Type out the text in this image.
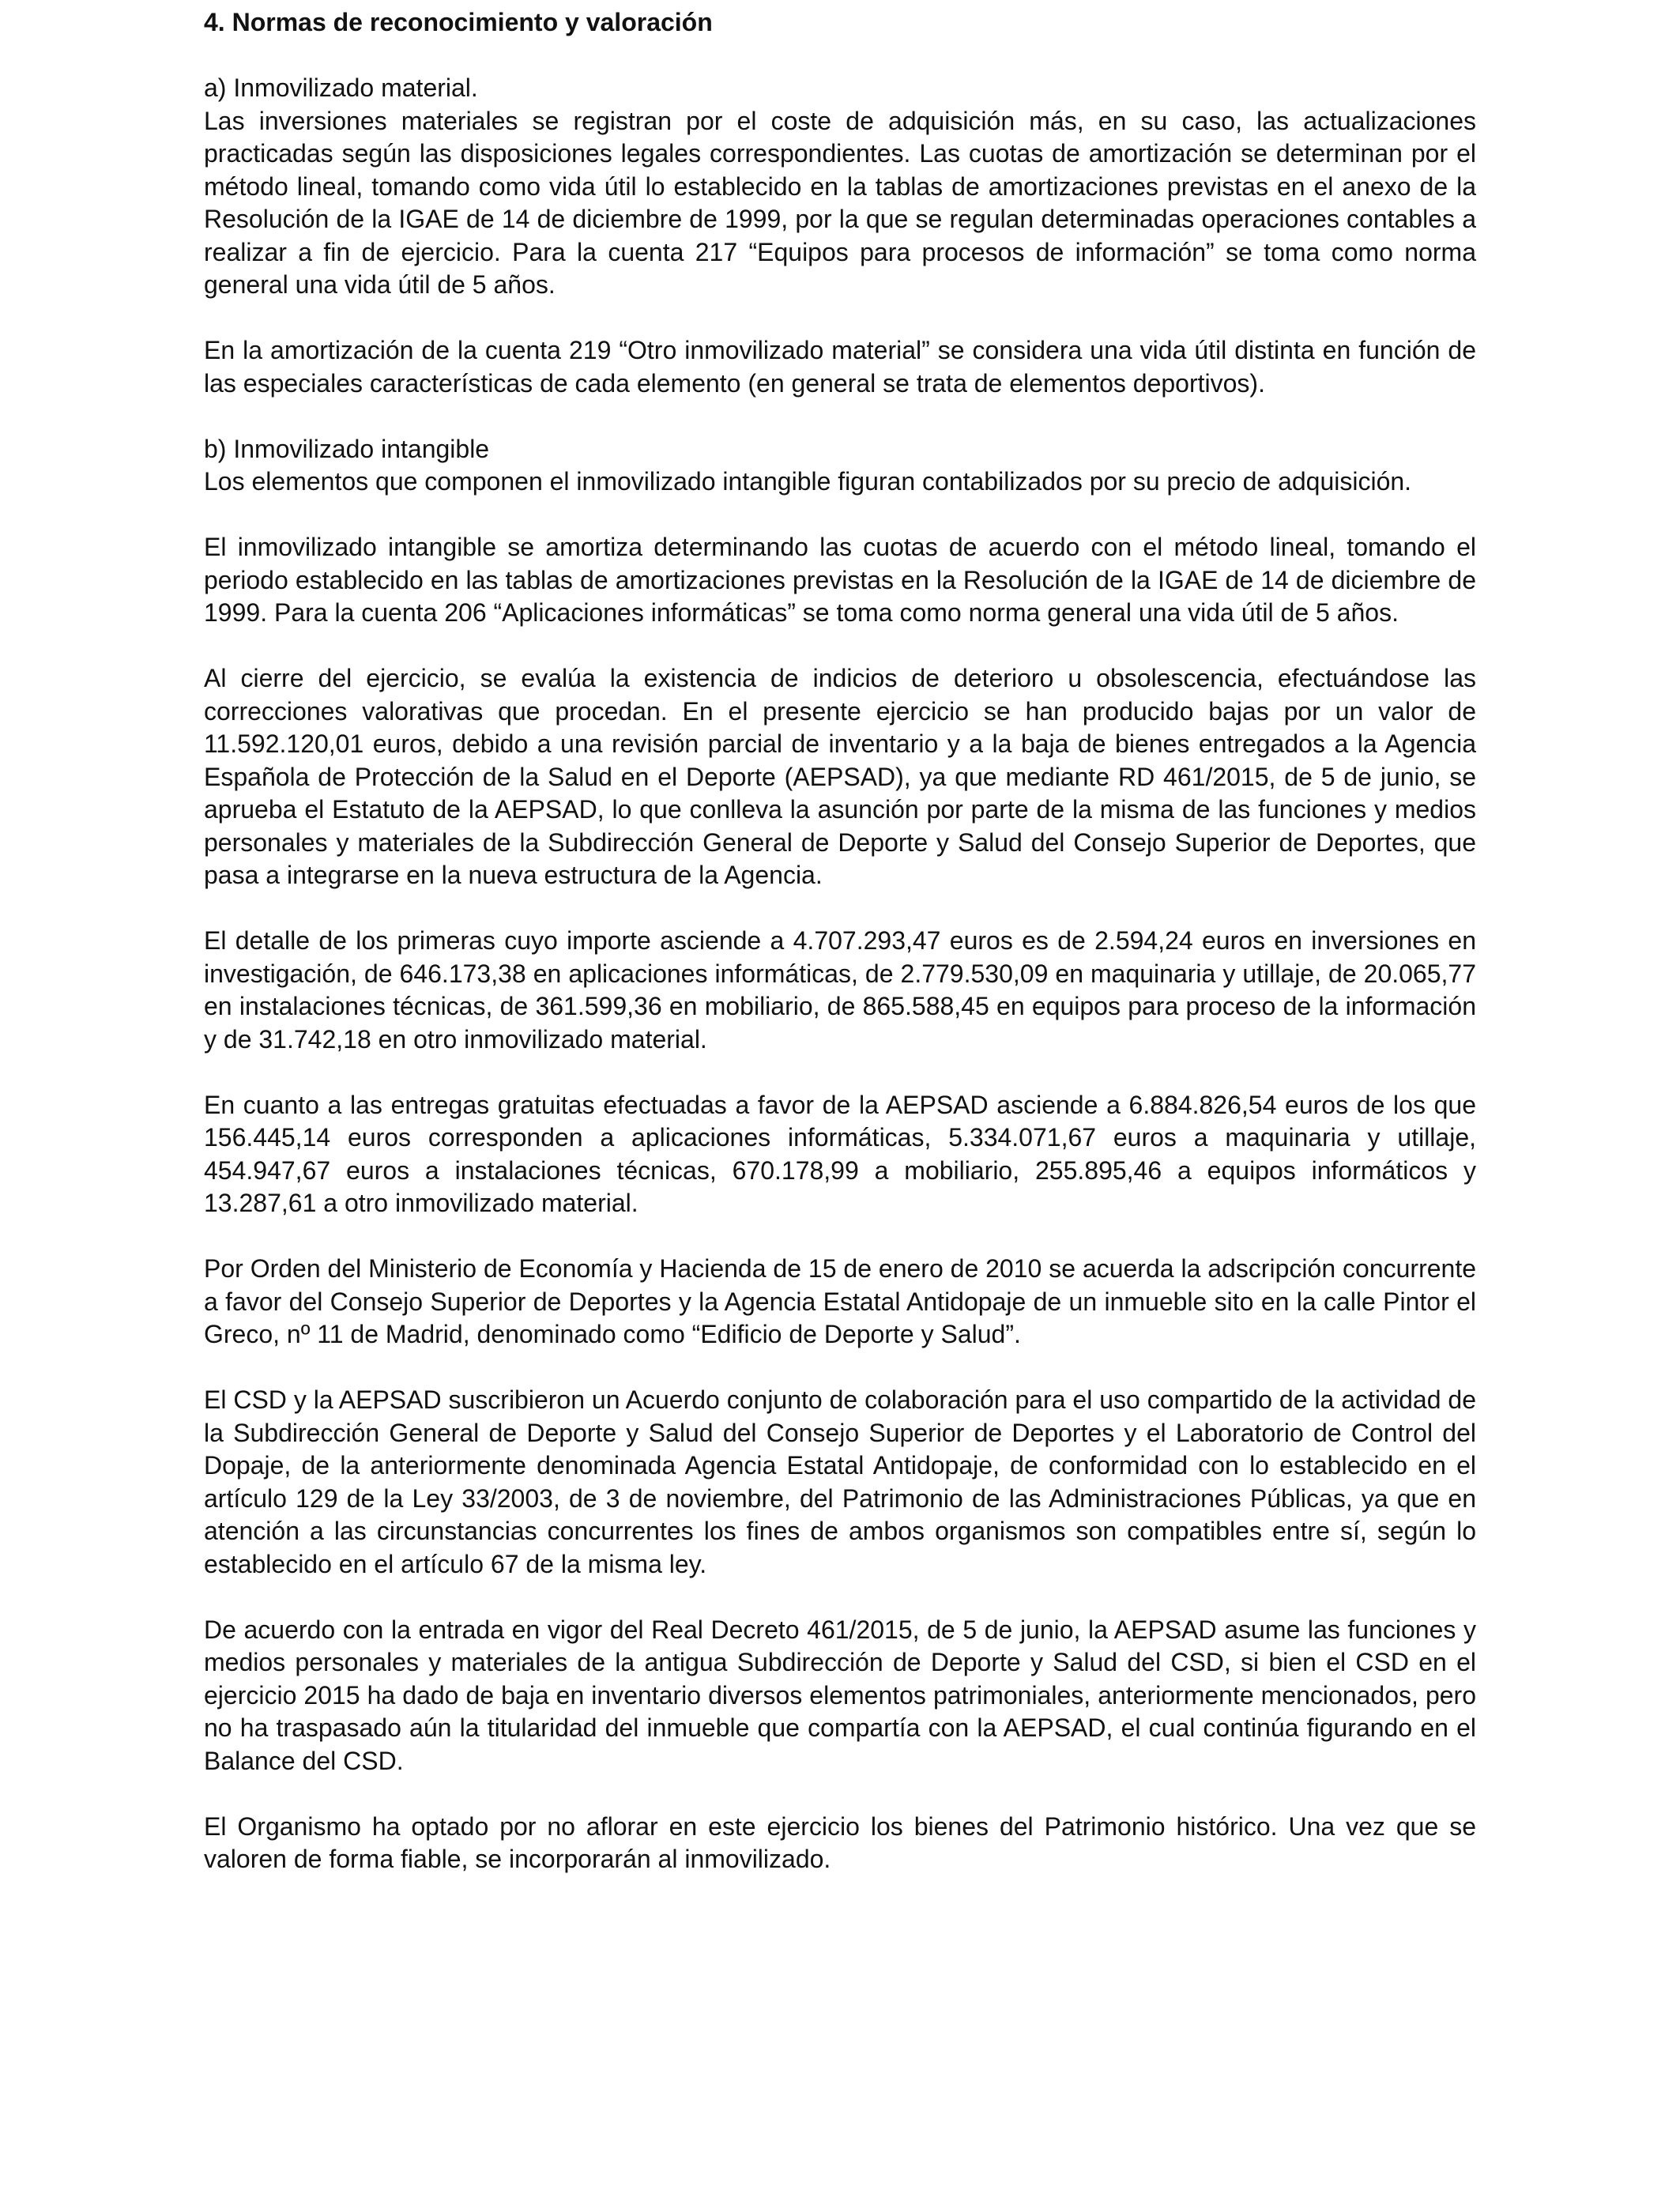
4. Normas de reconocimiento y valoración
a) Inmovilizado material.

Las inversiones materiales se registran por el coste de adquisición más, en su caso, las actualizaciones practicadas según las disposiciones legales correspondientes. Las cuotas de amortización se determinan por el método lineal, tomando como vida útil lo establecido en la tablas de amortizaciones previstas en el anexo de la Resolución de la IGAE de 14 de diciembre de 1999, por la que se regulan determinadas operaciones contables a realizar a fin de ejercicio. Para la cuenta 217 “Equipos para procesos de información” se toma como norma general una vida útil de 5 años.

En la amortización de la cuenta 219 “Otro inmovilizado material” se considera una vida útil distinta en función de las especiales características de cada elemento (en general se trata de elementos deportivos).

b) Inmovilizado intangible

Los elementos que componen el inmovilizado intangible figuran contabilizados por su precio de adquisición.

El inmovilizado intangible se amortiza determinando las cuotas de acuerdo con el método lineal, tomando el periodo establecido en las tablas de amortizaciones previstas en la Resolución de la IGAE de 14 de diciembre de 1999. Para la cuenta 206 “Aplicaciones informáticas” se toma como norma general una vida útil de 5 años.

Al cierre del ejercicio, se evalúa la existencia de indicios de deterioro u obsolescencia, efectuándose las correcciones valorativas que procedan. En el presente ejercicio se han producido bajas por un valor de 11.592.120,01 euros, debido a una revisión parcial de inventario y a la baja de bienes entregados a la Agencia Española de Protección de la Salud en el Deporte (AEPSAD), ya que mediante RD 461/2015, de 5 de junio, se aprueba el Estatuto de la AEPSAD, lo que conlleva la asunción por parte de la misma de las funciones y medios personales y materiales de la Subdirección General de Deporte y Salud del Consejo Superior de Deportes, que pasa a integrarse en la nueva estructura de la Agencia.

El detalle de los primeras cuyo importe asciende a 4.707.293,47 euros es de 2.594,24 euros en inversiones en investigación, de 646.173,38 en aplicaciones informáticas, de 2.779.530,09 en maquinaria y utillaje, de 20.065,77 en instalaciones técnicas, de 361.599,36 en mobiliario, de 865.588,45 en equipos para proceso de la información y de 31.742,18 en otro inmovilizado material.

En cuanto a las entregas gratuitas efectuadas a favor de la AEPSAD asciende a 6.884.826,54 euros de los que 156.445,14 euros corresponden a aplicaciones informáticas, 5.334.071,67 euros a maquinaria y utillaje, 454.947,67 euros a instalaciones técnicas, 670.178,99 a mobiliario, 255.895,46 a equipos informáticos y 13.287,61 a otro inmovilizado material.

Por Orden del Ministerio de Economía y Hacienda de 15 de enero de 2010 se acuerda la adscripción concurrente a favor del Consejo Superior de Deportes y la Agencia Estatal Antidopaje de un inmueble sito en la calle Pintor el Greco, nº 11 de Madrid, denominado como “Edificio de Deporte y Salud”.

El CSD y la AEPSAD suscribieron un Acuerdo conjunto de colaboración para el uso compartido de la actividad de la Subdirección General de Deporte y Salud del Consejo Superior de Deportes y el Laboratorio de Control del Dopaje, de la anteriormente denominada Agencia Estatal Antidopaje, de conformidad con lo establecido en el artículo 129 de la Ley 33/2003, de 3 de noviembre, del Patrimonio de las Administraciones Públicas, ya que en atención a las circunstancias concurrentes los fines de ambos organismos son compatibles entre sí, según lo establecido en el artículo 67 de la misma ley.

De acuerdo con la entrada en vigor del Real Decreto 461/2015, de 5 de junio, la AEPSAD asume las funciones y medios personales y materiales de la antigua Subdirección de Deporte y Salud del CSD, si bien el CSD en el ejercicio 2015 ha dado de baja en inventario diversos elementos patrimoniales, anteriormente mencionados, pero no ha traspasado aún la titularidad del inmueble que compartía con la AEPSAD, el cual continúa figurando en el Balance del CSD.

El Organismo ha optado por no aflorar en este ejercicio los bienes del Patrimonio histórico. Una vez que se valoren de forma fiable, se incorporarán al inmovilizado.
